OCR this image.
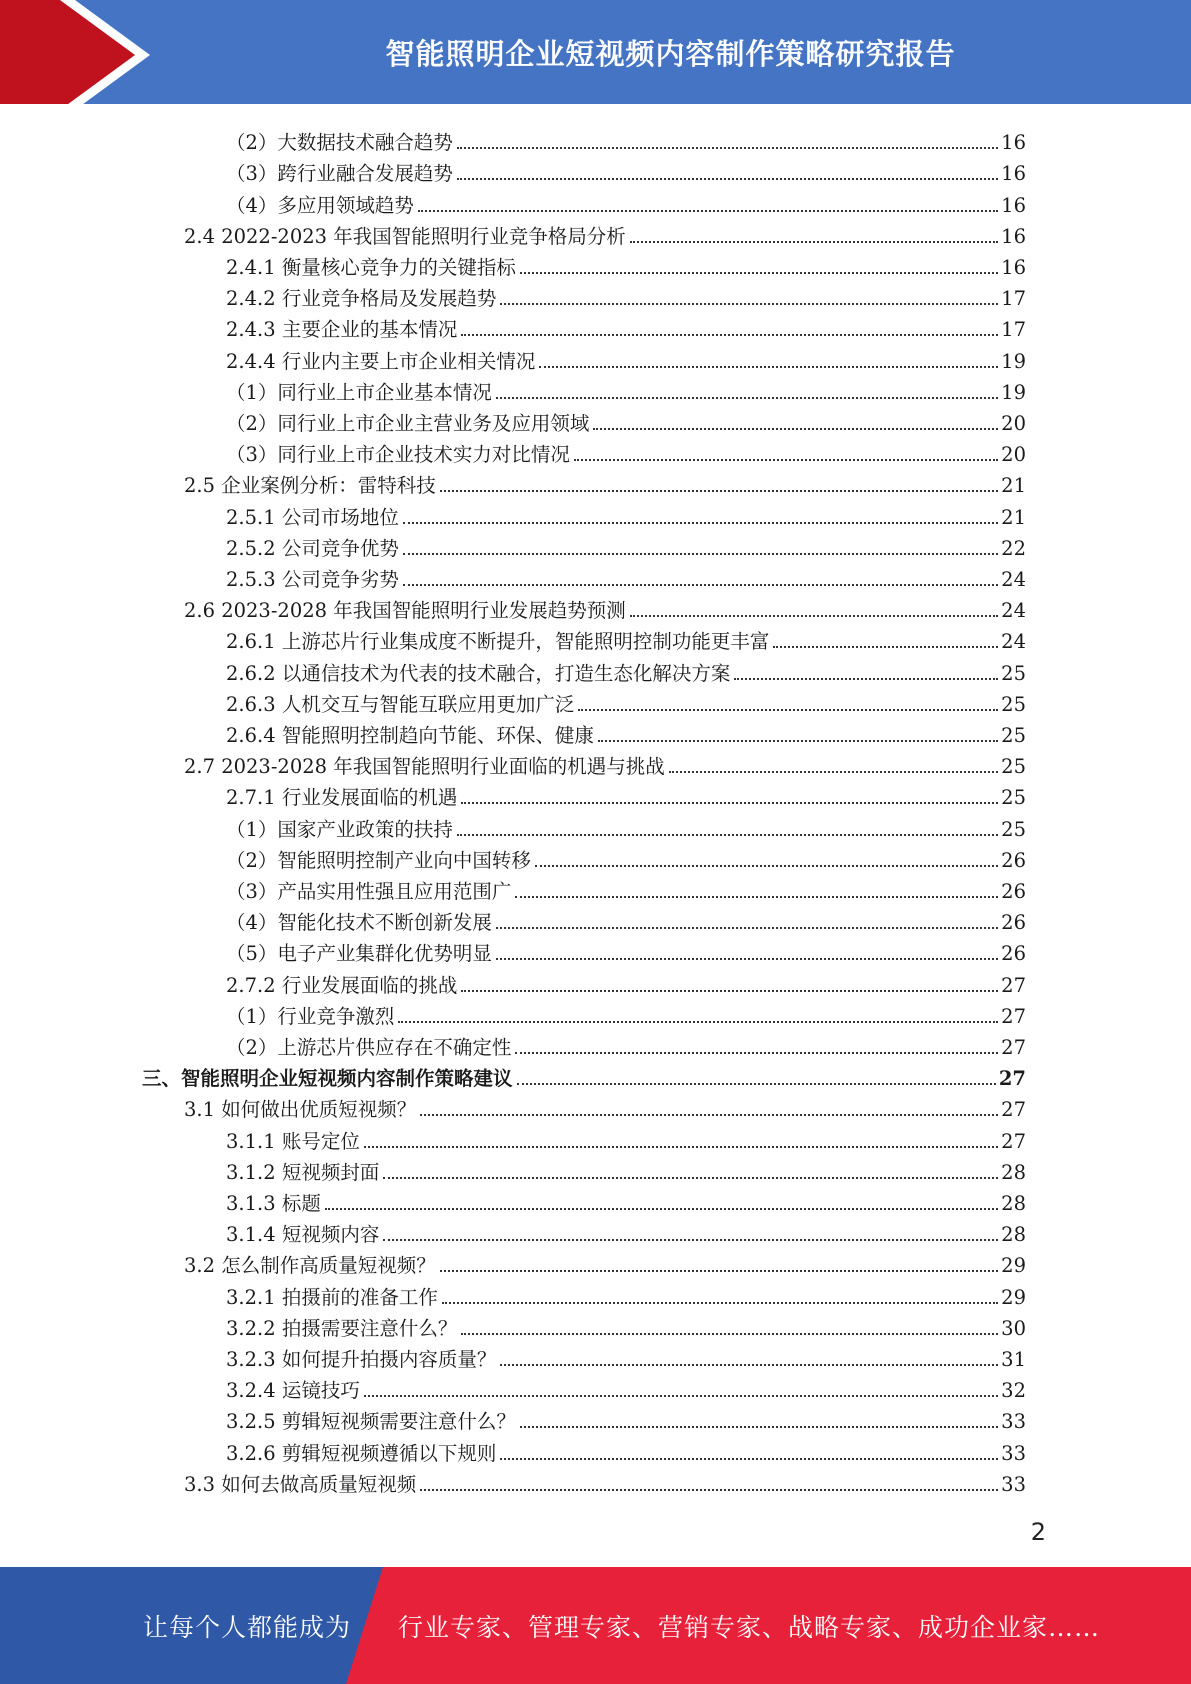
智能照明企业短视频内容制作策略研究报告
（2）大数据技术融合趋势	16
（3）跨行业融合发展趋势	16
（4）多应用领域趋势	16
2.4 2022-2023 年我国智能照明行业竞争格局分析	16
2.4.1 衡量核心竞争力的关键指标	16
2.4.2 行业竞争格局及发展趋势	17
2.4.3 主要企业的基本情况	17
2.4.4 行业内主要上市企业相关情况	19
（1）同行业上市企业基本情况	19
（2）同行业上市企业主营业务及应用领域	20
（3）同行业上市企业技术实力对比情况	20
2.5 企业案例分析：雷特科技	21
2.5.1 公司市场地位	21
2.5.2 公司竞争优势	22
2.5.3 公司竞争劣势	24
2.6 2023-2028 年我国智能照明行业发展趋势预测	24
2.6.1 上游芯片行业集成度不断提升，智能照明控制功能更丰富	24
2.6.2 以通信技术为代表的技术融合，打造生态化解决方案	25
2.6.3 人机交互与智能互联应用更加广泛	25
2.6.4 智能照明控制趋向节能、环保、健康	25
2.7 2023-2028 年我国智能照明行业面临的机遇与挑战	25
2.7.1 行业发展面临的机遇	25
（1）国家产业政策的扶持	25
（2）智能照明控制产业向中国转移	26
（3）产品实用性强且应用范围广	26
（4）智能化技术不断创新发展	26
（5）电子产业集群化优势明显	26
2.7.2 行业发展面临的挑战	27
（1）行业竞争激烈	27
（2）上游芯片供应存在不确定性	27
三、智能照明企业短视频内容制作策略建议	27
3.1 如何做出优质短视频？	27
3.1.1 账号定位	27
3.1.2 短视频封面	28
3.1.3 标题	28
3.1.4 短视频内容	28
3.2 怎么制作高质量短视频？	29
3.2.1 拍摄前的准备工作	29
3.2.2 拍摄需要注意什么？	30
3.2.3 如何提升拍摄内容质量？	31
3.2.4 运镜技巧	32
3.2.5 剪辑短视频需要注意什么？	33
3.2.6 剪辑短视频遵循以下规则	33
3.3 如何去做高质量短视频	33
2
让每个人都能成为 行业专家、管理专家、营销专家、战略专家、成功企业家……
